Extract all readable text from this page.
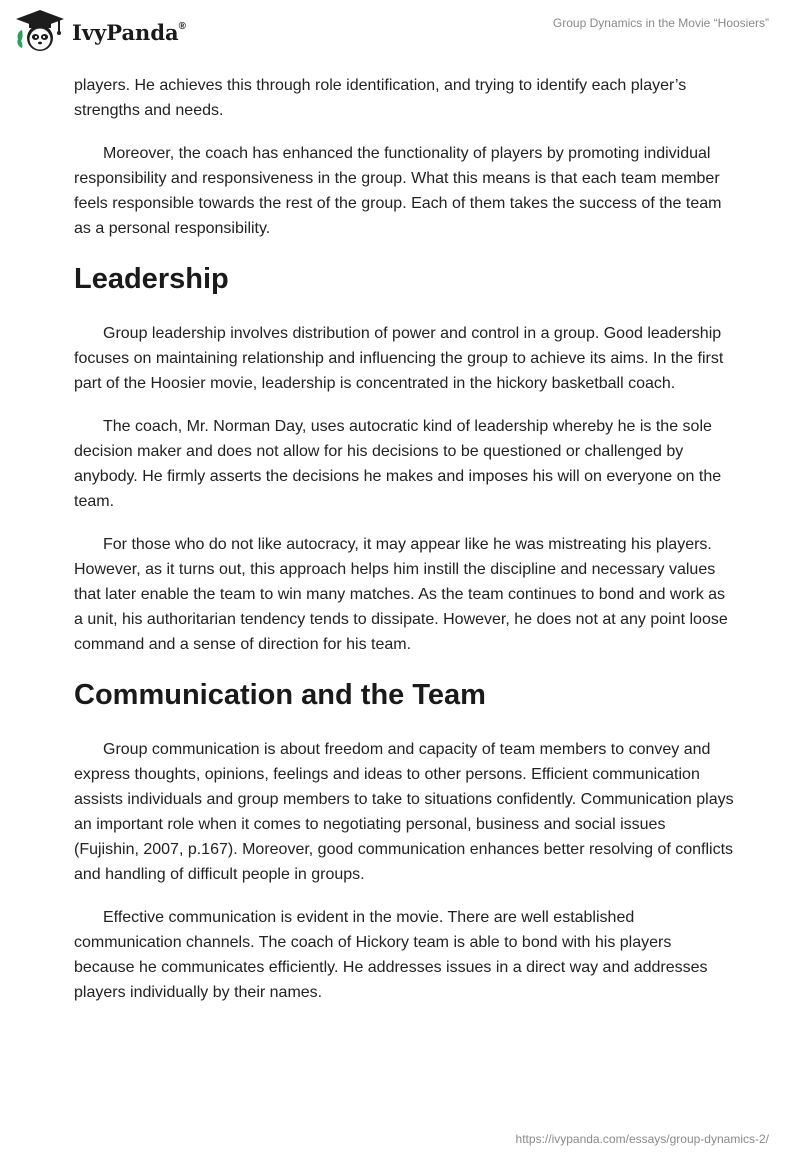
IvyPanda®	Group Dynamics in the Movie “Hoosiers”

players. He achieves this through role identification, and trying to identify each player’s strengths and needs.

Moreover, the coach has enhanced the functionality of players by promoting individual responsibility and responsiveness in the group. What this means is that each team member feels responsible towards the rest of the group. Each of them takes the success of the team as a personal responsibility.

Leadership

Group leadership involves distribution of power and control in a group. Good leadership focuses on maintaining relationship and influencing the group to achieve its aims. In the first part of the Hoosier movie, leadership is concentrated in the hickory basketball coach.

The coach, Mr. Norman Day, uses autocratic kind of leadership whereby he is the sole decision maker and does not allow for his decisions to be questioned or challenged by anybody. He firmly asserts the decisions he makes and imposes his will on everyone on the team.

For those who do not like autocracy, it may appear like he was mistreating his players. However, as it turns out, this approach helps him instill the discipline and necessary values that later enable the team to win many matches. As the team continues to bond and work as a unit, his authoritarian tendency tends to dissipate. However, he does not at any point loose command and a sense of direction for his team.

Communication and the Team

Group communication is about freedom and capacity of team members to convey and express thoughts, opinions, feelings and ideas to other persons. Efficient communication assists individuals and group members to take to situations confidently. Communication plays an important role when it comes to negotiating personal, business and social issues (Fujishin, 2007, p.167). Moreover, good communication enhances better resolving of conflicts and handling of difficult people in groups.

Effective communication is evident in the movie. There are well established communication channels. The coach of Hickory team is able to bond with his players because he communicates efficiently. He addresses issues in a direct way and addresses players individually by their names.

https://ivypanda.com/essays/group-dynamics-2/
